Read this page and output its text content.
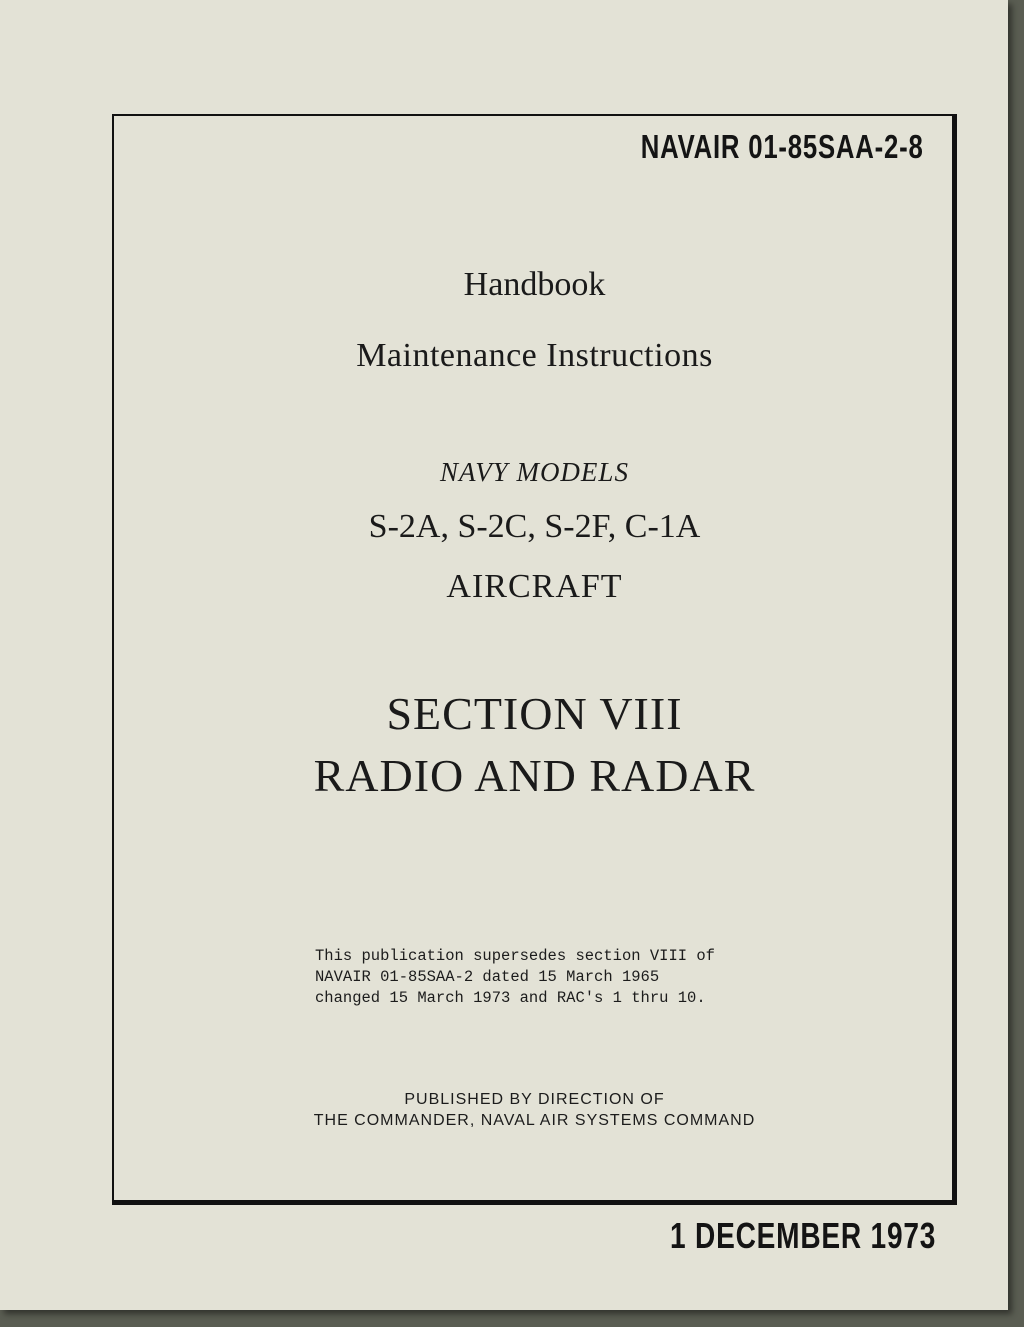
NAVAIR 01-85SAA-2-8
Handbook
Maintenance Instructions
NAVY MODELS
S-2A, S-2C, S-2F, C-1A
AIRCRAFT
SECTION VIII
RADIO AND RADAR
This publication supersedes section VIII of
NAVAIR 01-85SAA-2 dated 15 March 1965
changed 15 March 1973 and RAC's 1 thru 10.
PUBLISHED BY DIRECTION OF
THE COMMANDER, NAVAL AIR SYSTEMS COMMAND
1 DECEMBER 1973
